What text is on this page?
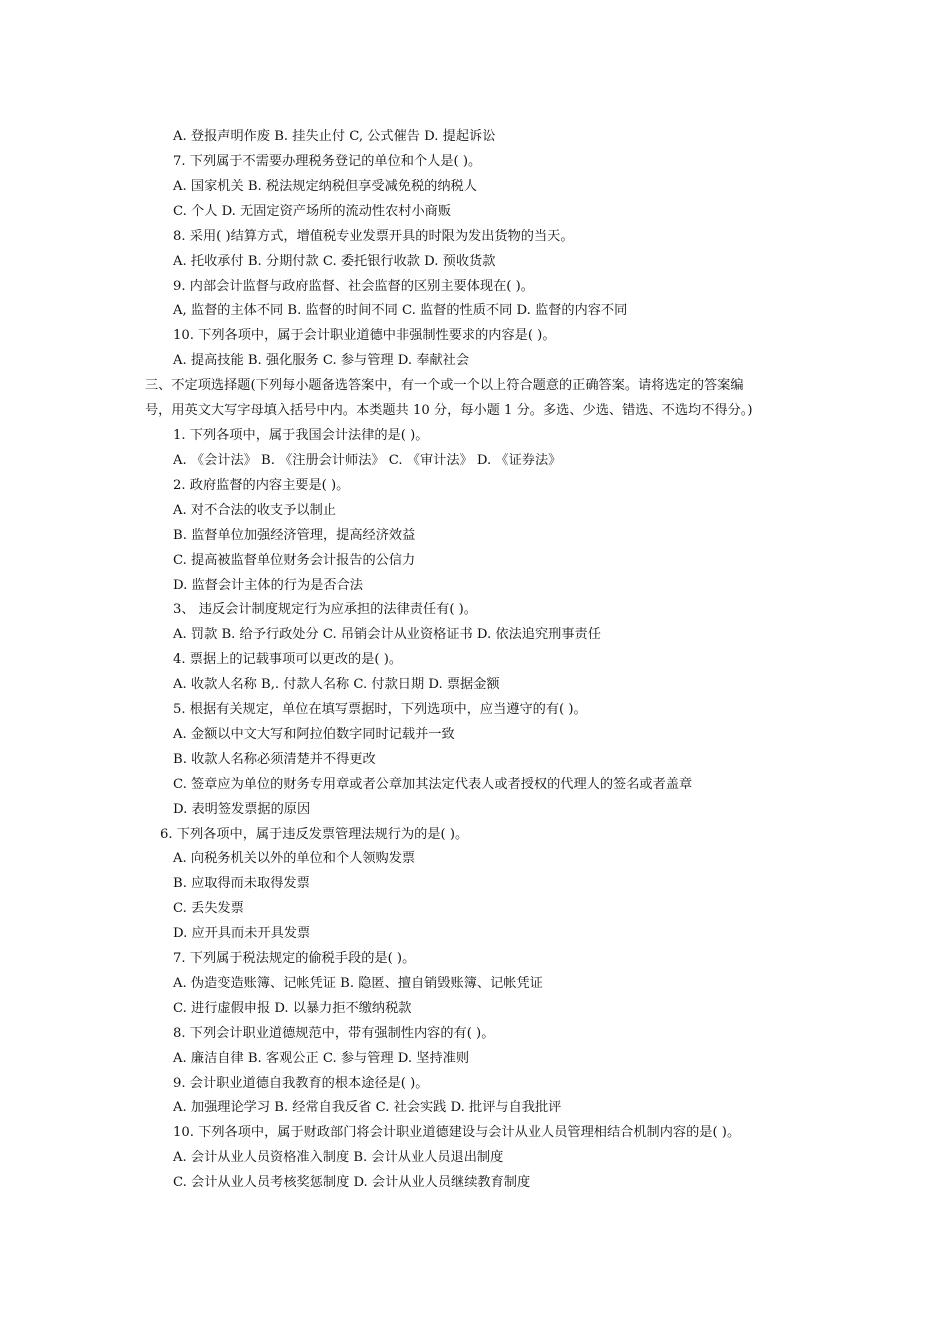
A. 登报声明作废 B. 挂失止付 C, 公式催告 D. 提起诉讼

7. 下列属于不需要办理税务登记的单位和个人是( )。

A. 国家机关 B. 税法规定纳税但享受减免税的纳税人

C. 个人 D. 无固定资产场所的流动性农村小商贩

8. 采用( )结算方式，增值税专业发票开具的时限为发出货物的当天。

A. 托收承付 B. 分期付款 C. 委托银行收款 D. 预收货款

9. 内部会计监督与政府监督、社会监督的区别主要体现在( )。

A, 监督的主体不同 B. 监督的时间不同 C. 监督的性质不同 D. 监督的内容不同

10. 下列各项中，属于会计职业道德中非强制性要求的内容是( )。

A. 提高技能 B. 强化服务 C. 参与管理 D. 奉献社会

三、不定项选择题(下列每小题备选答案中，有一个或一个以上符合题意的正确答案。请将选定的答案编

号，用英文大写字母填入括号中内。本类题共 10 分，每小题 1 分。多选、少选、错选、不选均不得分。)

1. 下列各项中，属于我国会计法律的是( )。

A. 《会计法》 B. 《注册会计师法》 C. 《审计法》 D. 《证券法》

2. 政府监督的内容主要是( )。

A. 对不合法的收支予以制止

B. 监督单位加强经济管理，提高经济效益

C. 提高被监督单位财务会计报告的公信力

D. 监督会计主体的行为是否合法

3、 违反会计制度规定行为应承担的法律责任有( )。

A. 罚款 B. 给予行政处分 C. 吊销会计从业资格证书 D. 依法追究刑事责任

4. 票据上的记载事项可以更改的是( )。

A. 收款人名称 B,. 付款人名称 C. 付款日期 D. 票据金额

5. 根据有关规定，单位在填写票据时，下列选项中，应当遵守的有( )。

A. 金额以中文大写和阿拉伯数字同时记载并一致

B. 收款人名称必须清楚并不得更改

C. 签章应为单位的财务专用章或者公章加其法定代表人或者授权的代理人的签名或者盖章

D. 表明签发票据的原因

6. 下列各项中，属于违反发票管理法规行为的是( )。

A. 向税务机关以外的单位和个人领购发票

B. 应取得而未取得发票

C. 丢失发票

D. 应开具而未开具发票

7. 下列属于税法规定的偷税手段的是( )。

A. 伪造变造账簿、记帐凭证 B. 隐匿、擅自销毁账簿、记帐凭证

C. 进行虚假申报 D. 以暴力拒不缴纳税款

8. 下列会计职业道德规范中，带有强制性内容的有( )。

A. 廉洁自律 B. 客观公正 C. 参与管理 D. 坚持准则

9. 会计职业道德自我教育的根本途径是( )。

A. 加强理论学习 B. 经常自我反省 C. 社会实践 D. 批评与自我批评

10. 下列各项中，属于财政部门将会计职业道德建设与会计从业人员管理相结合机制内容的是( )。

A. 会计从业人员资格准入制度 B. 会计从业人员退出制度

C. 会计从业人员考核奖惩制度 D. 会计从业人员继续教育制度
